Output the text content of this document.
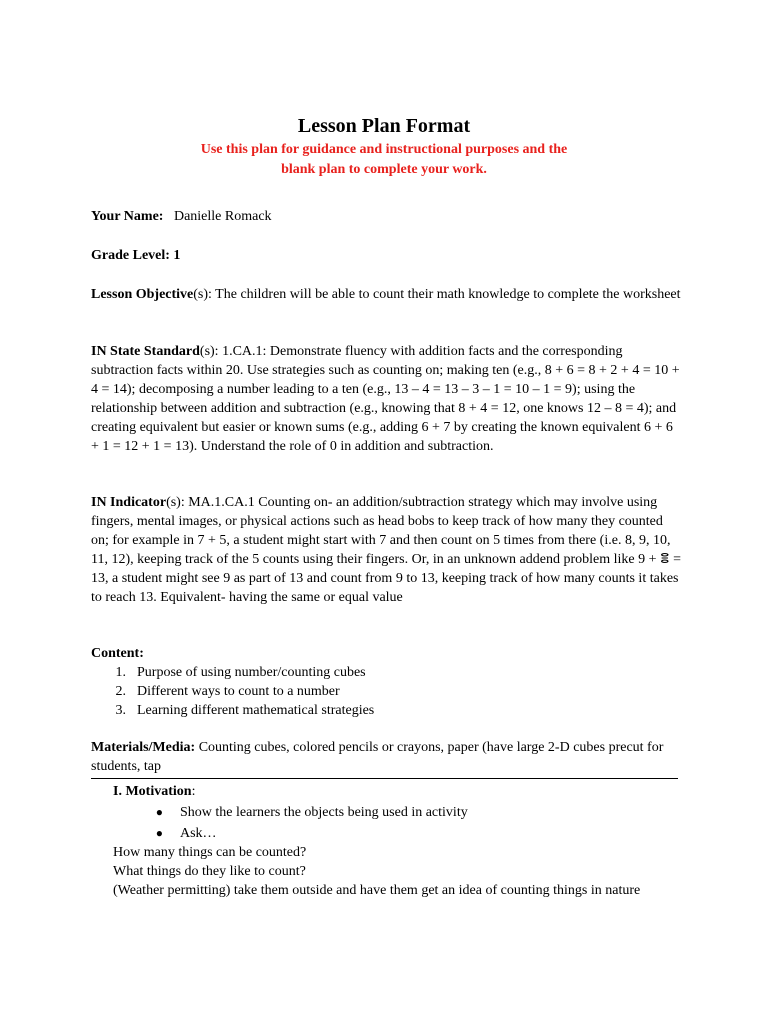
Lesson Plan Format
Use this plan for guidance and instructional purposes and the
blank plan to complete your work.
Your Name: Danielle Romack
Grade Level: 1
Lesson Objective(s): The children will be able to count their math knowledge to complete the worksheet
IN State Standard(s): 1.CA.1: Demonstrate fluency with addition facts and the corresponding subtraction facts within 20. Use strategies such as counting on; making ten (e.g., 8 + 6 = 8 + 2 + 4 = 10 + 4 = 14); decomposing a number leading to a ten (e.g., 13 – 4 = 13 – 3 – 1 = 10 – 1 = 9); using the relationship between addition and subtraction (e.g., knowing that 8 + 4 = 12, one knows 12 – 8 = 4); and creating equivalent but easier or known sums (e.g., adding 6 + 7 by creating the known equivalent 6 + 6 + 1 = 12 + 1 = 13). Understand the role of 0 in addition and subtraction.
IN Indicator(s): MA.1.CA.1 Counting on- an addition/subtraction strategy which may involve using fingers, mental images, or physical actions such as head bobs to keep track of how many they counted on; for example in 7 + 5, a student might start with 7 and then count on 5 times from there (i.e. 8, 9, 10, 11, 12), keeping track of the 5 counts using their fingers. Or, in an unknown addend problem like 9 + ⴻ = 13, a student might see 9 as part of 13 and count from 9 to 13, keeping track of how many counts it takes to reach 13. Equivalent- having the same or equal value
Content:
1. Purpose of using number/counting cubes
2. Different ways to count to a number
3. Learning different mathematical strategies
Materials/Media: Counting cubes, colored pencils or crayons, paper (have large 2-D cubes precut for students, tap
I. Motivation:
●	Show the learners the objects being used in activity
●	Ask…
How many things can be counted?
What things do they like to count?
(Weather permitting) take them outside and have them get an idea of counting things in nature
